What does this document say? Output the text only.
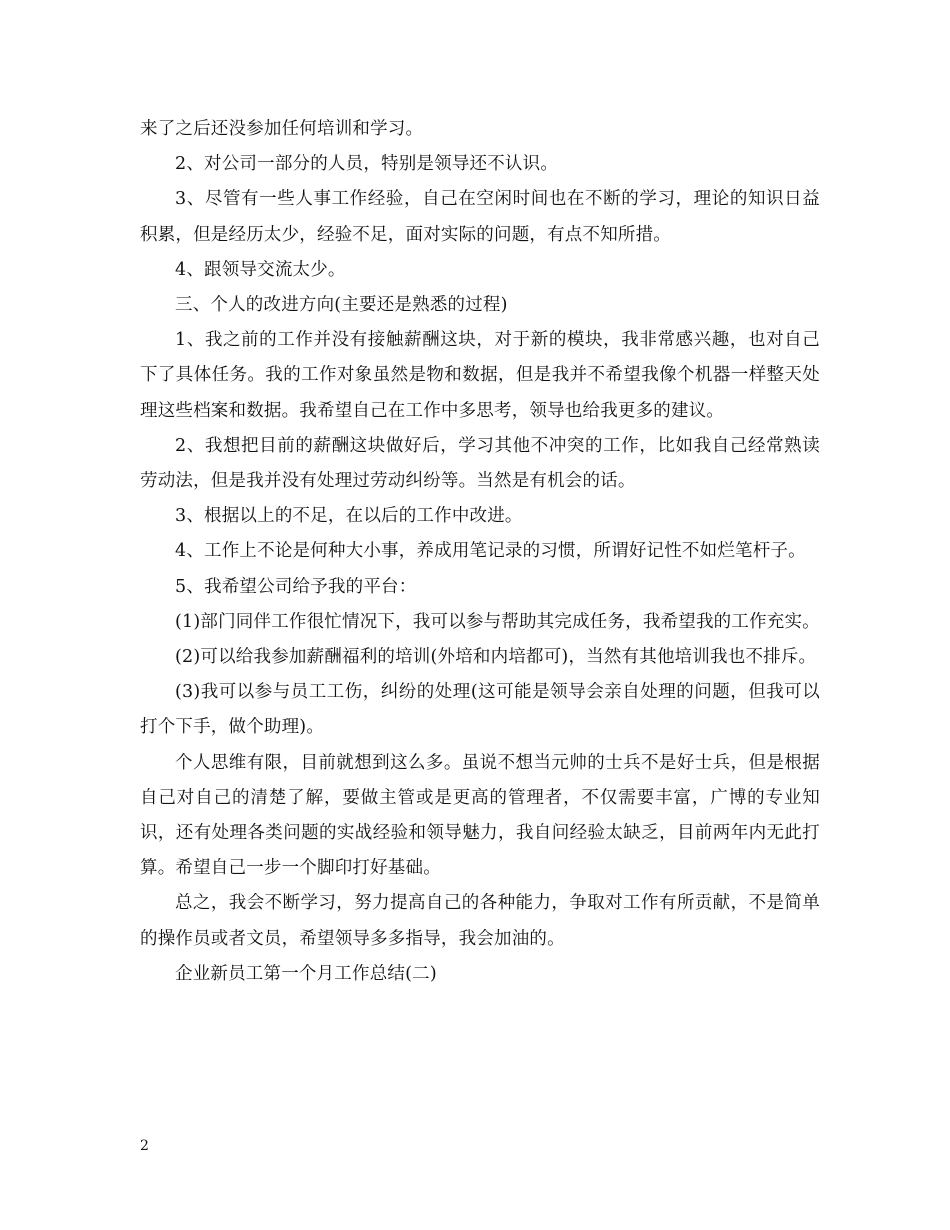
来了之后还没参加任何培训和学习。

2、对公司一部分的人员，特别是领导还不认识。

3、尽管有一些人事工作经验，自己在空闲时间也在不断的学习，理论的知识日益积累，但是经历太少，经验不足，面对实际的问题，有点不知所措。

4、跟领导交流太少。

三、个人的改进方向(主要还是熟悉的过程)

1、我之前的工作并没有接触薪酬这块，对于新的模块，我非常感兴趣，也对自己下了具体任务。我的工作对象虽然是物和数据，但是我并不希望我像个机器一样整天处理这些档案和数据。我希望自己在工作中多思考，领导也给我更多的建议。

2、我想把目前的薪酬这块做好后，学习其他不冲突的工作，比如我自己经常熟读劳动法，但是我并没有处理过劳动纠纷等。当然是有机会的话。

3、根据以上的不足，在以后的工作中改进。

4、工作上不论是何种大小事，养成用笔记录的习惯，所谓好记性不如烂笔杆子。

5、我希望公司给予我的平台：

(1)部门同伴工作很忙情况下，我可以参与帮助其完成任务，我希望我的工作充实。

(2)可以给我参加薪酬福利的培训(外培和内培都可)，当然有其他培训我也不排斥。

(3)我可以参与员工工伤，纠纷的处理(这可能是领导会亲自处理的问题，但我可以打个下手，做个助理)。

个人思维有限，目前就想到这么多。虽说不想当元帅的士兵不是好士兵，但是根据自己对自己的清楚了解，要做主管或是更高的管理者，不仅需要丰富，广博的专业知识，还有处理各类问题的实战经验和领导魅力，我自问经验太缺乏，目前两年内无此打算。希望自己一步一个脚印打好基础。

总之，我会不断学习，努力提高自己的各种能力，争取对工作有所贡献，不是简单的操作员或者文员，希望领导多多指导，我会加油的。

企业新员工第一个月工作总结(二)

2
